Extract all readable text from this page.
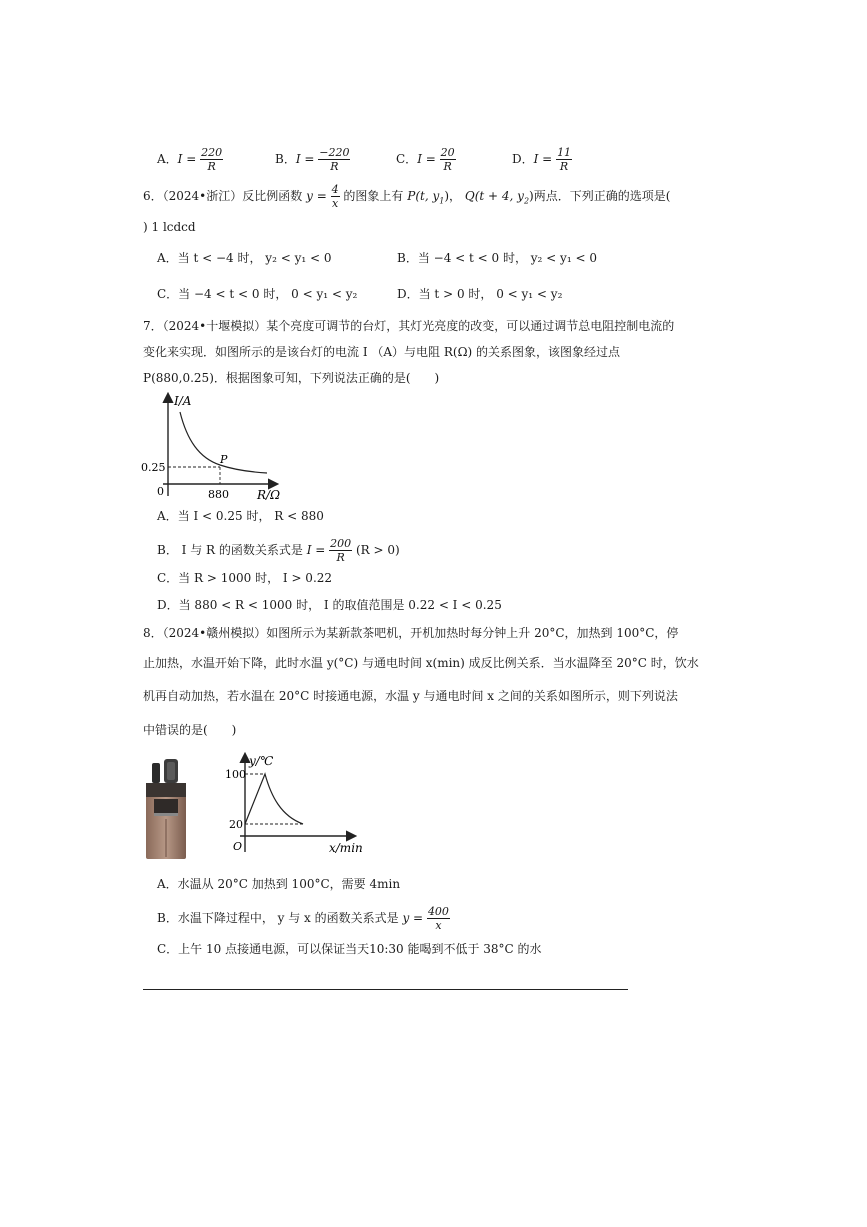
A．$I = \frac{220}{R}$	B．$I = \frac{-220}{R}$	C．$I = \frac{20}{R}$	D．$I = \frac{11}{R}$
6．（2024•浙江）反比例函数 $y = \frac{4}{x}$ 的图象上有 P(t, $y_1$)， Q(t + 4, $y_2$)两点．下列正确的选项是(
) 1 lcdcd
A．当 t < −4 时， y₂ < y₁ < 0	B．当 −4 < t < 0 时， y₂ < y₁ < 0
C．当 −4 < t < 0 时， 0 < y₁ < y₂	D．当 t > 0 时， 0 < y₁ < y₂
7．（2024•十堰模拟）某个亮度可调节的台灯，其灯光亮度的改变，可以通过调节总电阻控制电流的
变化来实现．如图所示的是该台灯的电流 I （A）与电阻 R(Ω) 的关系图象，该图象经过点
P(880,0.25)．根据图象可知，下列说法正确的是(　　)
I/A
0.25
P
0	880 R/Ω
A．当 I < 0.25 时， R < 880
B． I 与 R 的函数关系式是 $I = \frac{200}{R} (R > 0)$
C．当 R > 1000 时， I > 0.22
D．当 880 < R < 1000 时， I 的取值范围是 0.22 < I < 0.25
8．（2024•赣州模拟）如图所示为某新款茶吧机，开机加热时每分钟上升 20°C，加热到 100°C，停
止加热，水温开始下降，此时水温 y(°C) 与通电时间 x(min) 成反比例关系．当水温降至 20°C 时，饮水
机再自动加热，若水温在 20°C 时接通电源，水温 y 与通电时间 x 之间的关系如图所示，则下列说法
中错误的是(　　)
y/℃
100
20
O	x/min
A．水温从 20°C 加热到 100°C，需要 4min
B．水温下降过程中， y 与 x 的函数关系式是 $y = \frac{400}{x}$
C．上午 10 点接通电源，可以保证当天10:30 能喝到不低于 38°C 的水
